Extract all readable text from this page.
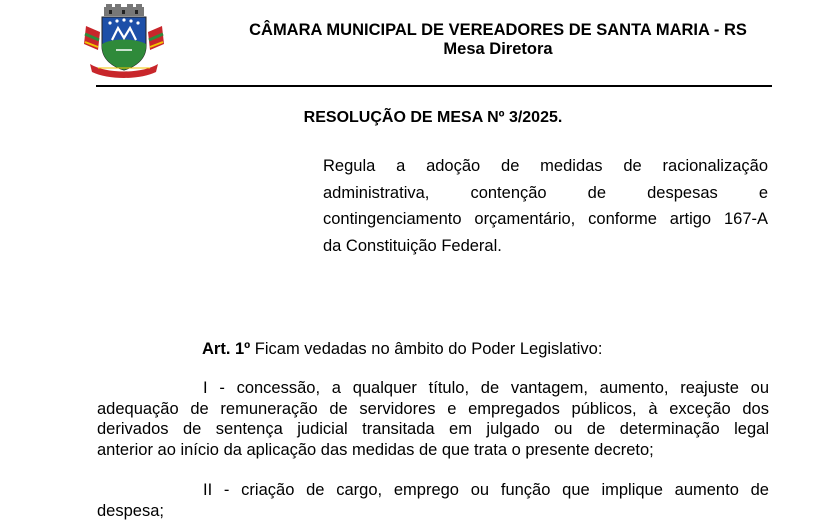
CÂMARA MUNICIPAL DE VEREADORES DE SANTA MARIA - RS
Mesa Diretora
RESOLUÇÃO DE MESA Nº 3/2025.
Regula a adoção de medidas de racionalização
administrativa, contenção de despesas e
contingenciamento orçamentário, conforme artigo 167-A
da Constituição Federal.
Art. 1º Ficam vedadas no âmbito do Poder Legislativo:
I - concessão, a qualquer título, de vantagem, aumento, reajuste ou
adequação de remuneração de servidores e empregados públicos, à exceção dos
derivados de sentença judicial transitada em julgado ou de determinação legal
anterior ao início da aplicação das medidas de que trata o presente decreto;
II - criação de cargo, emprego ou função que implique aumento de
despesa;
